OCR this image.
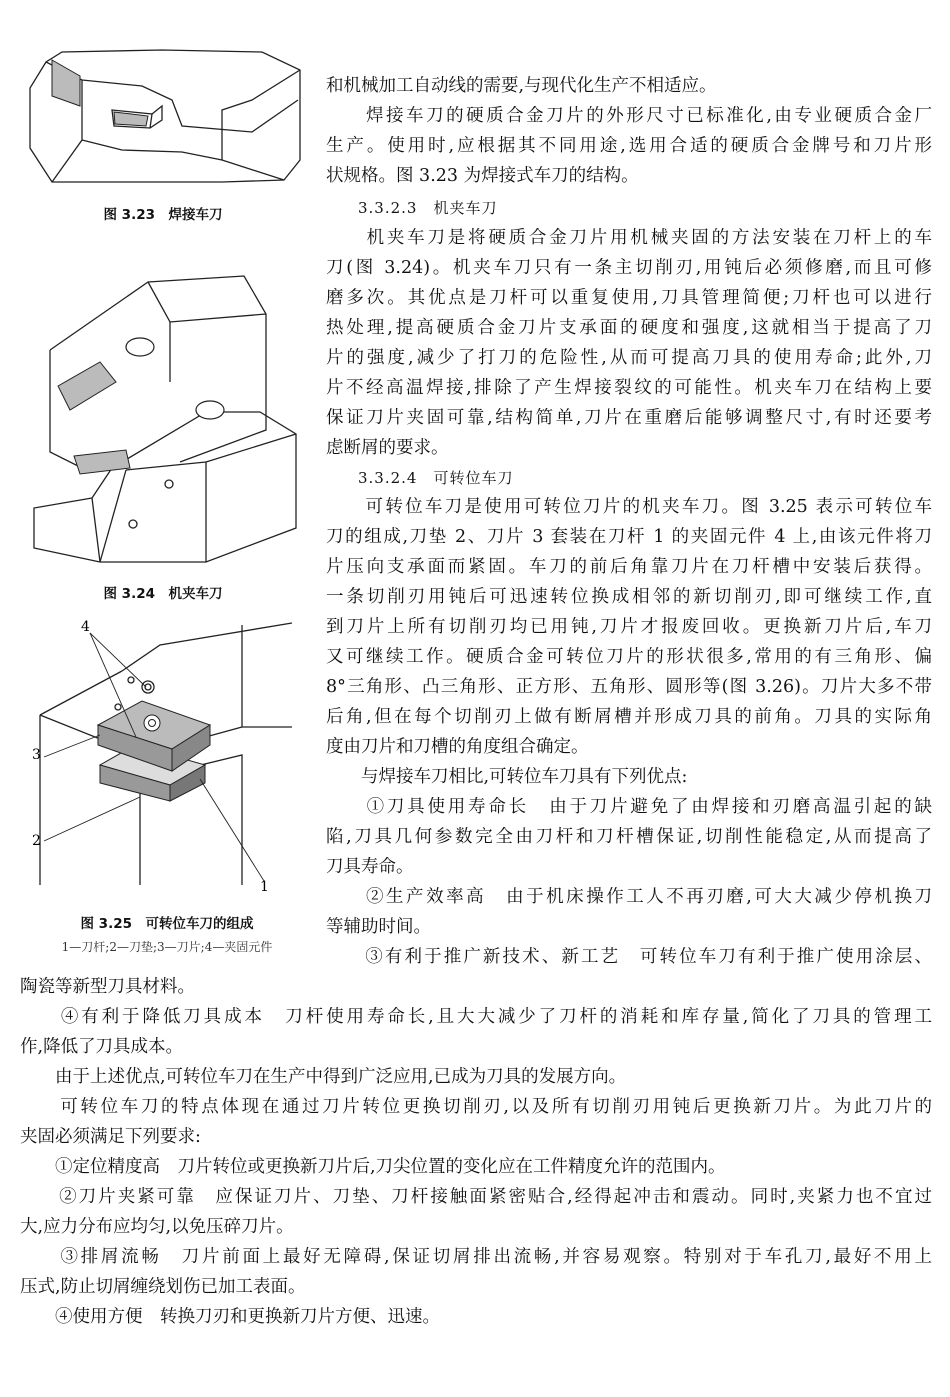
图 3.23　焊接车刀
图 3.24　机夹车刀
4
3
2
1
图 3.25　可转位车刀的组成
1—刀杆;2—刀垫;3—刀片;4—夹固元件
和机械加工自动线的需要,与现代化生产不相适应。
　　焊接车刀的硬质合金刀片的外形尺寸已标准化,由专业硬质合金厂
生产。使用时,应根据其不同用途,选用合适的硬质合金牌号和刀片形
状规格。图 3.23 为焊接式车刀的结构。
　　3.3.2.3　机夹车刀
　　机夹车刀是将硬质合金刀片用机械夹固的方法安装在刀杆上的车
刀(图 3.24)。机夹车刀只有一条主切削刃,用钝后必须修磨,而且可修
磨多次。其优点是刀杆可以重复使用,刀具管理简便;刀杆也可以进行
热处理,提高硬质合金刀片支承面的硬度和强度,这就相当于提高了刀
片的强度,减少了打刀的危险性,从而可提高刀具的使用寿命;此外,刀
片不经高温焊接,排除了产生焊接裂纹的可能性。机夹车刀在结构上要
保证刀片夹固可靠,结构简单,刀片在重磨后能够调整尺寸,有时还要考
虑断屑的要求。
　　3.3.2.4　可转位车刀
　　可转位车刀是使用可转位刀片的机夹车刀。图 3.25 表示可转位车
刀的组成,刀垫 2、刀片 3 套装在刀杆 1 的夹固元件 4 上,由该元件将刀
片压向支承面而紧固。车刀的前后角靠刀片在刀杆槽中安装后获得。
一条切削刃用钝后可迅速转位换成相邻的新切削刃,即可继续工作,直
到刀片上所有切削刃均已用钝,刀片才报废回收。更换新刀片后,车刀
又可继续工作。硬质合金可转位刀片的形状很多,常用的有三角形、偏
8°三角形、凸三角形、正方形、五角形、圆形等(图 3.26)。刀片大多不带
后角,但在每个切削刃上做有断屑槽并形成刀具的前角。刀具的实际角
度由刀片和刀槽的角度组合确定。
　　与焊接车刀相比,可转位车刀具有下列优点:
　　①刀具使用寿命长　由于刀片避免了由焊接和刃磨高温引起的缺
陷,刀具几何参数完全由刀杆和刀杆槽保证,切削性能稳定,从而提高了
刀具寿命。
　　②生产效率高　由于机床操作工人不再刃磨,可大大减少停机换刀
等辅助时间。
　　③有利于推广新技术、新工艺　可转位车刀有利于推广使用涂层、
陶瓷等新型刀具材料。
　　④有利于降低刀具成本　刀杆使用寿命长,且大大减少了刀杆的消耗和库存量,简化了刀具的管理工
作,降低了刀具成本。
　　由于上述优点,可转位车刀在生产中得到广泛应用,已成为刀具的发展方向。
　　可转位车刀的特点体现在通过刀片转位更换切削刃,以及所有切削刃用钝后更换新刀片。为此刀片的
夹固必须满足下列要求:
　　①定位精度高　刀片转位或更换新刀片后,刀尖位置的变化应在工件精度允许的范围内。
　　②刀片夹紧可靠　应保证刀片、刀垫、刀杆接触面紧密贴合,经得起冲击和震动。同时,夹紧力也不宜过
大,应力分布应均匀,以免压碎刀片。
　　③排屑流畅　刀片前面上最好无障碍,保证切屑排出流畅,并容易观察。特别对于车孔刀,最好不用上
压式,防止切屑缠绕划伤已加工表面。
　　④使用方便　转换刀刃和更换新刀片方便、迅速。
